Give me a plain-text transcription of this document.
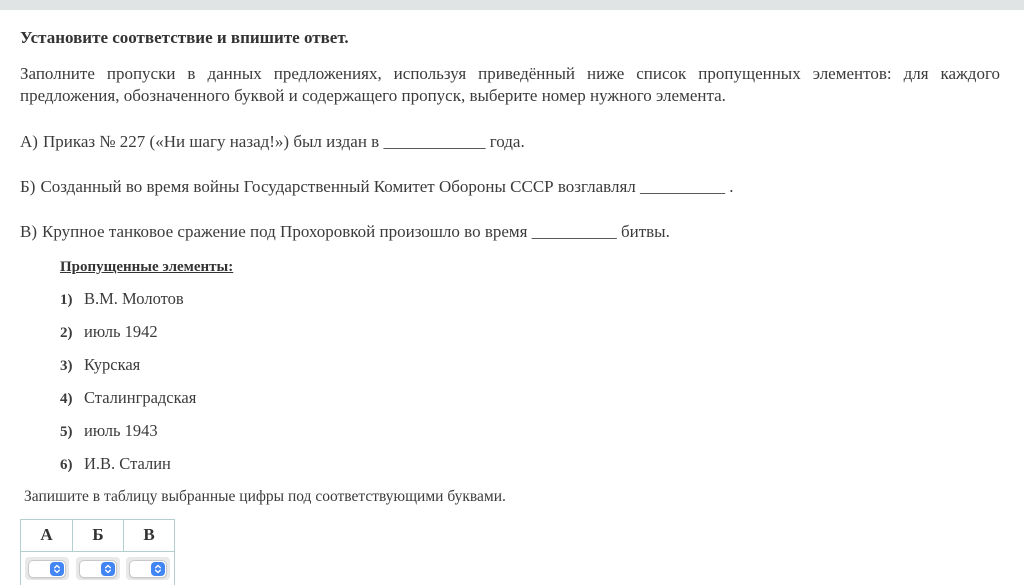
Установите соответствие и впишите ответ.

Заполните пропуски в данных предложениях, используя приведённый ниже список пропущенных элементов: для каждого предложения, обозначенного буквой и содержащего пропуск, выберите номер нужного элемента.

А) Приказ № 227 («Ни шагу назад!») был издан в ____________ года.

Б) Созданный во время войны Государственный Комитет Обороны СССР возглавлял __________ .

В) Крупное танковое сражение под Прохоровкой произошло во время __________ битвы.

Пропущенные элементы:
1) В.М. Молотов
2) июль 1942
3) Курская
4) Сталинградская
5) июль 1943
6) И.В. Сталин

Запишите в таблицу выбранные цифры под соответствующими буквами.

А	Б	В
